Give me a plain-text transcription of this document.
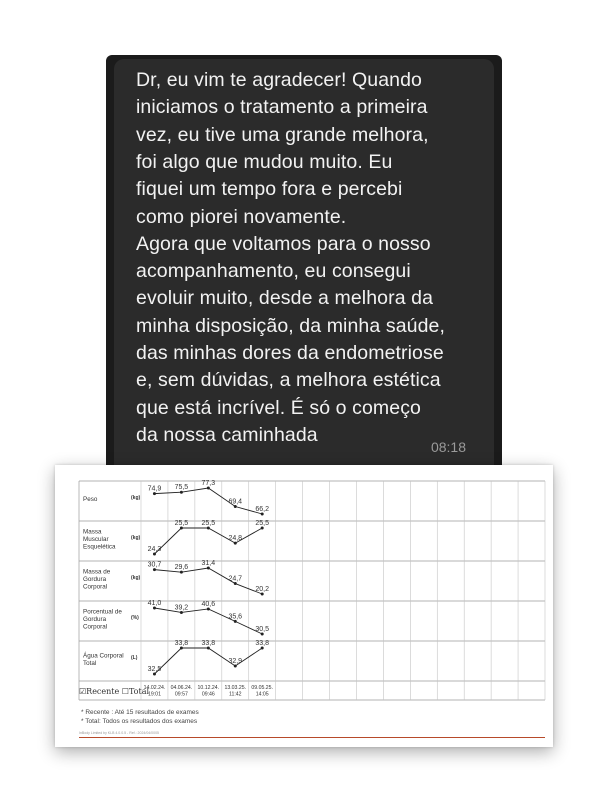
08:18

Dr, eu vim te agradecer! Quando

iniciamos o tratamento a primeira

vez, eu tive uma grande melhora,

foi algo que mudou muito. Eu

fiquei um tempo fora e percebi

como piorei novamente.

Agora que voltamos para o nosso

acompanhamento, eu consegui

evoluir muito, desde a melhora da

minha disposição, da minha saúde,

das minhas dores da endometriose

e, sem dúvidas, a melhora estética

que está incrível. É só o começo

da nossa caminhada

Peso	(kg)
74,9 75,5
77,3
69,4
66,2
Massa
Muscular
Esquelética
(kg)
24,3
25,5 25,5
24,8
25,5
Massa de
Gordura
Corporal
(kg)
30,7 29,6
31,4
24,7
20,2
Porcentual de
Gordura
Corporal
(%)
41,0
39,2 40,6
35,6
30,5
Água Corporal
Total
(L)
32,5
33,8 33,8
32,9
33,8
14.02.24.
19:01
04.06.24.
09:57
10.12.24.
09:46
13.03.25.
11:42
09.05.25.
14:05
☑Recente ☐Total

* Recente : Até 15 resultados de exames

* Total: Todos os resultados dos exames

InBody Limited by KLB 4.0.0.5 - Ref.: 2024/04/0005
